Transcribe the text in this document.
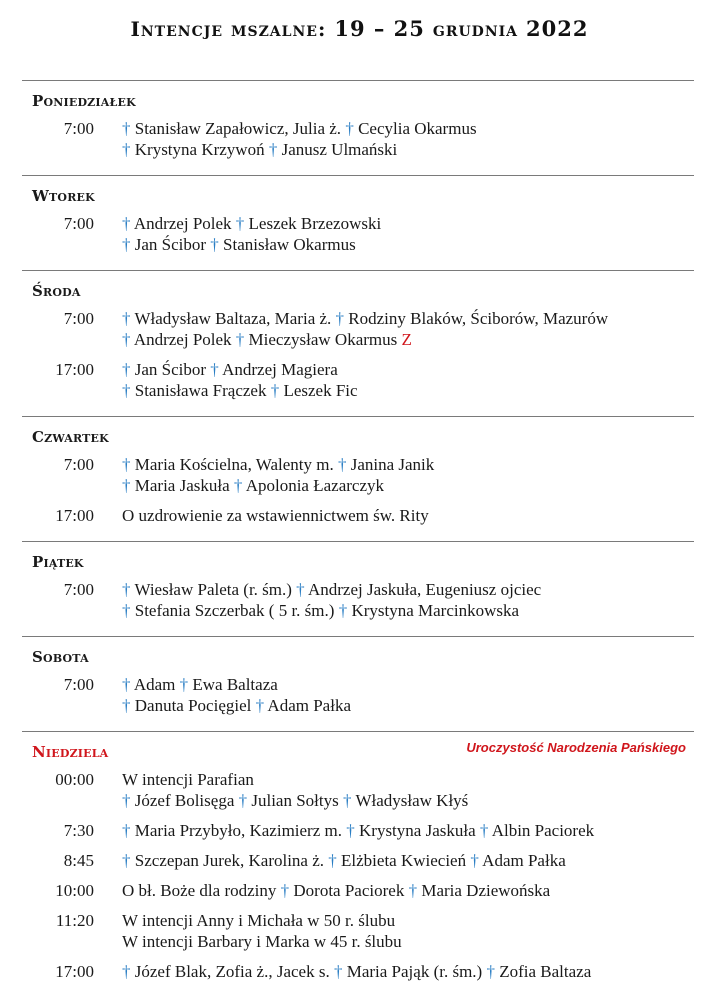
Intencje mszalne: 19 – 25 grudnia 2022
Poniedziałek
7:00	† Stanisław Zapałowicz, Julia ż. † Cecylia Okarmus
† Krystyna Krzywoń † Janusz Ulmański
Wtorek
7:00	† Andrzej Polek † Leszek Brzezowski
† Jan Ścibor † Stanisław Okarmus
Środa
7:00	† Władysław Baltaza, Maria ż. † Rodziny Blaków, Ściborów, Mazurów
† Andrzej Polek † Mieczysław Okarmus Z
17:00	† Jan Ścibor † Andrzej Magiera
† Stanisława Frączek † Leszek Fic
Czwartek
7:00	† Maria Kościelna, Walenty m. † Janina Janik
† Maria Jaskuła † Apolonia Łazarczyk
17:00	O uzdrowienie za wstawiennictwem św. Rity
Piątek
7:00	† Wiesław Paleta (r. śm.) † Andrzej Jaskuła, Eugeniusz ojciec
† Stefania Szczerbak ( 5 r. śm.) † Krystyna Marcinkowska
Sobota
7:00	† Adam † Ewa Baltaza
† Danuta Pocięgiel † Adam Pałka
Niedziela	Uroczystość Narodzenia Pańskiego
00:00	W intencji Parafian
† Józef Bolisęga † Julian Sołtys † Władysław Kłyś
7:30	† Maria Przybyło, Kazimierz m. † Krystyna Jaskuła † Albin Paciorek
8:45	† Szczepan Jurek, Karolina ż. † Elżbieta Kwiecień † Adam Pałka
10:00	O bł. Boże dla rodziny † Dorota Paciorek † Maria Dziewońska
11:20	W intencji Anny i Michała w 50 r. ślubu
W intencji Barbary i Marka w 45 r. ślubu
17:00	† Józef Blak, Zofia ż., Jacek s. † Maria Pająk (r. śm.) † Zofia Baltaza
